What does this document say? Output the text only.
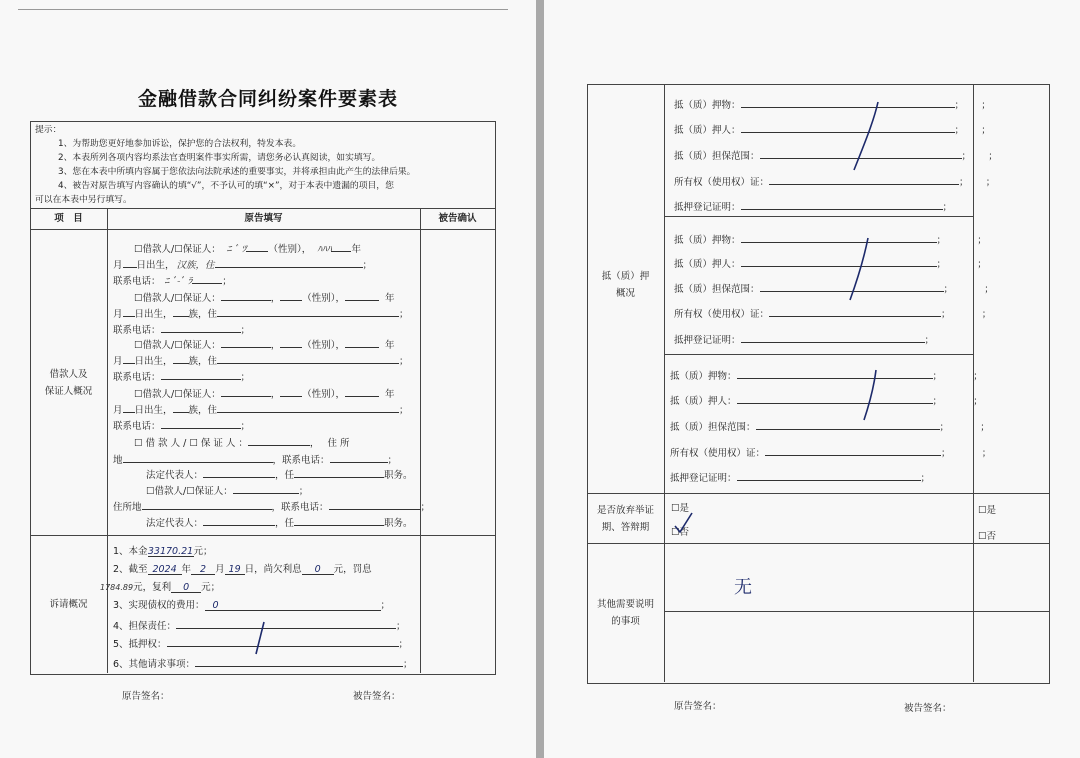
金融借款合同纠纷案件要素表
提示：
1、为帮助您更好地参加诉讼，保护您的合法权利，特发本表。
2、本表所列各项内容均系法官查明案件事实所需，请您务必认真阅读，如实填写。
3、您在本表中所填内容属于您依法向法院承述的重要事实，并将承担由此产生的法律后果。
4、被告对原告填写内容确认的填“√”，不予认可的填“×”，对于本表中遗漏的项目，您
可以在本表中另行填写。
项　目	原告填写	被告确认
借款人及
保证人概况
☐借款人/☐保证人： ﾆ ﾞ ﾂ （性别）， ﾊﾊﾊ 年
月 日出生， 汉族，住	；
联系电话： ﾆ ﾞ-ﾞ ﾗ	；
☐借款人/☐保证人：	， （性别），	年
月 日出生， 族，住	；
联系电话：	；
☐借款人/☐保证人：	， （性别），	年
月 日出生， 族，住	；
联系电话：	；
☐借款人/☐保证人：	， （性别），	年
月 日出生， 族，住	；
联系电话：	；
☐ 借 款 人 / ☐ 保 证 人 ：	， 住 所
地	，联系电话：	；
法定代表人：	，任	职务。
☐借款人/☐保证人：	；
住所地	，联系电话：	；
法定代表人：	，任	职务。
诉请概况
1、本金33170.21元；
2、截至 2024 年 2 月 19 日，尚欠利息 0 元，罚息
1784.89元，复利 0 元；
3、实现债权的费用： 0	；
4、担保责任：	；
5、抵押权：	；
6、其他请求事项：	；
原告签名：	被告签名：
抵（质）押
概况
抵（质）押物：	； ；
抵（质）押人：	； ；
抵（质）担保范围：	； ；
所有权（使用权）证：	； ；
抵押登记证明：	；
抵（质）押物：	；	；
抵（质）押人：	；	；
抵（质）担保范围：	；	；
所有权（使用权）证：	；	；
抵押登记证明：	；
抵（质）押物：	；	；
抵（质）押人：	；	；
抵（质）担保范围：	；	；
所有权（使用权）证：	；	；
抵押登记证明：	；
是否放弃举证
期、答辩期
☐是
☐否
☐是
☐否
其他需要说明
的事项
无
原告签名：	被告签名：
